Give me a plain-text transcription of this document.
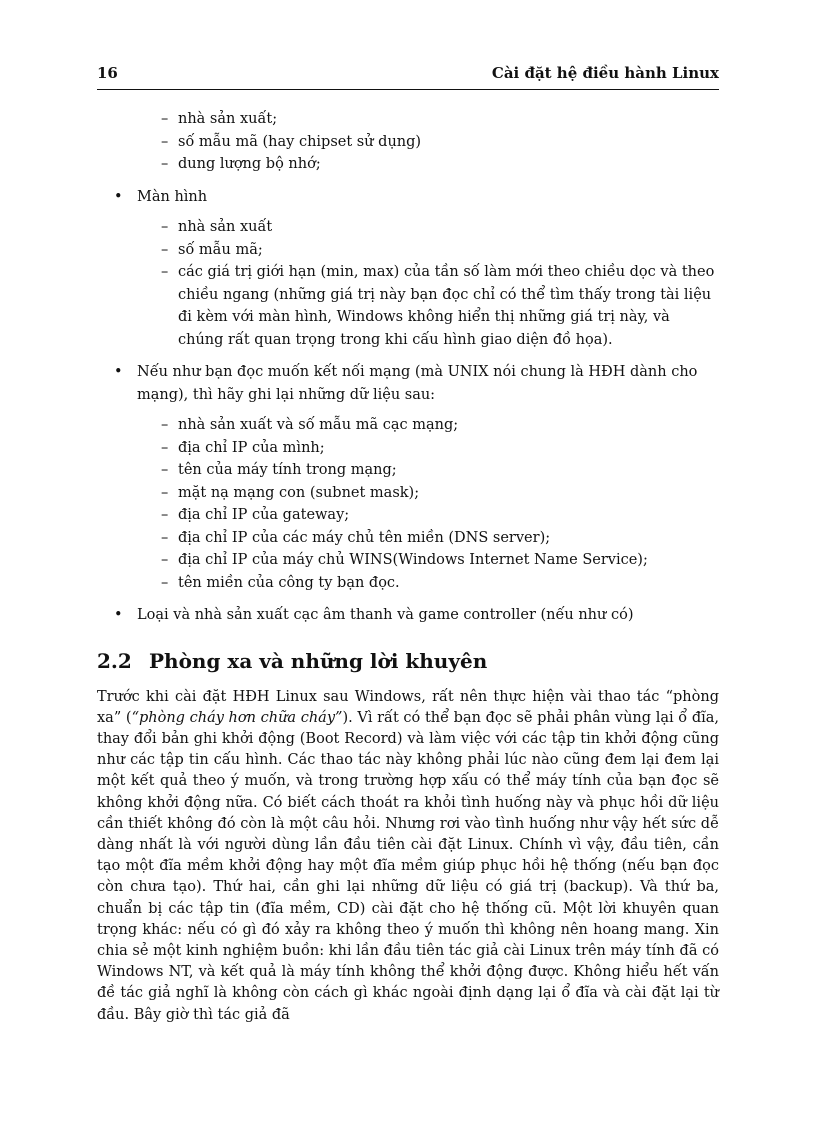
16	Cài đặt hệ điều hành Linux
– nhà sản xuất;
– số mẫu mã (hay chipset sử dụng)
– dung lượng bộ nhớ;
• Màn hình
– nhà sản xuất
– số mẫu mã;
– các giá trị giới hạn (min, max) của tần số làm mới theo chiều dọc và theo chiều ngang (những giá trị này bạn đọc chỉ có thể tìm thấy trong tài liệu đi kèm với màn hình, Windows không hiển thị những giá trị này, và chúng rất quan trọng trong khi cấu hình giao diện đồ họa).
• Nếu như bạn đọc muốn kết nối mạng (mà UNIX nói chung là HĐH dành cho mạng), thì hãy ghi lại những dữ liệu sau:
– nhà sản xuất và số mẫu mã cạc mạng;
– địa chỉ IP của mình;
– tên của máy tính trong mạng;
– mặt nạ mạng con (subnet mask);
– địa chỉ IP của gateway;
– địa chỉ IP của các máy chủ tên miền (DNS server);
– địa chỉ IP của máy chủ WINS(Windows Internet Name Service);
– tên miền của công ty bạn đọc.
• Loại và nhà sản xuất cạc âm thanh và game controller (nếu như có)
2.2 Phòng xa và những lời khuyên

Trước khi cài đặt HĐH Linux sau Windows, rất nên thực hiện vài thao tác “phòng xa” (“phòng cháy hơn chữa cháy”). Vì rất có thể bạn đọc sẽ phải phân vùng lại ổ đĩa, thay đổi bản ghi khởi động (Boot Record) và làm việc với các tập tin khởi động cũng như các tập tin cấu hình. Các thao tác này không phải lúc nào cũng đem lại đem lại một kết quả theo ý muốn, và trong trường hợp xấu có thể máy tính của bạn đọc sẽ không khởi động nữa. Có biết cách thoát ra khỏi tình huống này và phục hồi dữ liệu cần thiết không đó còn là một câu hỏi. Nhưng rơi vào tình huống như vậy hết sức dễ dàng nhất là với người dùng lần đầu tiên cài đặt Linux. Chính vì vậy, đầu tiên, cần tạo một đĩa mềm khởi động hay một đĩa mềm giúp phục hồi hệ thống (nếu bạn đọc còn chưa tạo). Thứ hai, cần ghi lại những dữ liệu có giá trị (backup). Và thứ ba, chuẩn bị các tập tin (đĩa mềm, CD) cài đặt cho hệ thống cũ. Một lời khuyên quan trọng khác: nếu có gì đó xảy ra không theo ý muốn thì không nên hoang mang. Xin chia sẻ một kinh nghiệm buồn: khi lần đầu tiên tác giả cài Linux trên máy tính đã có Windows NT, và kết quả là máy tính không thể khởi động được. Không hiểu hết vấn đề tác giả nghĩ là không còn cách gì khác ngoài định dạng lại ổ đĩa và cài đặt lại từ đầu. Bây giờ thì tác giả đã
